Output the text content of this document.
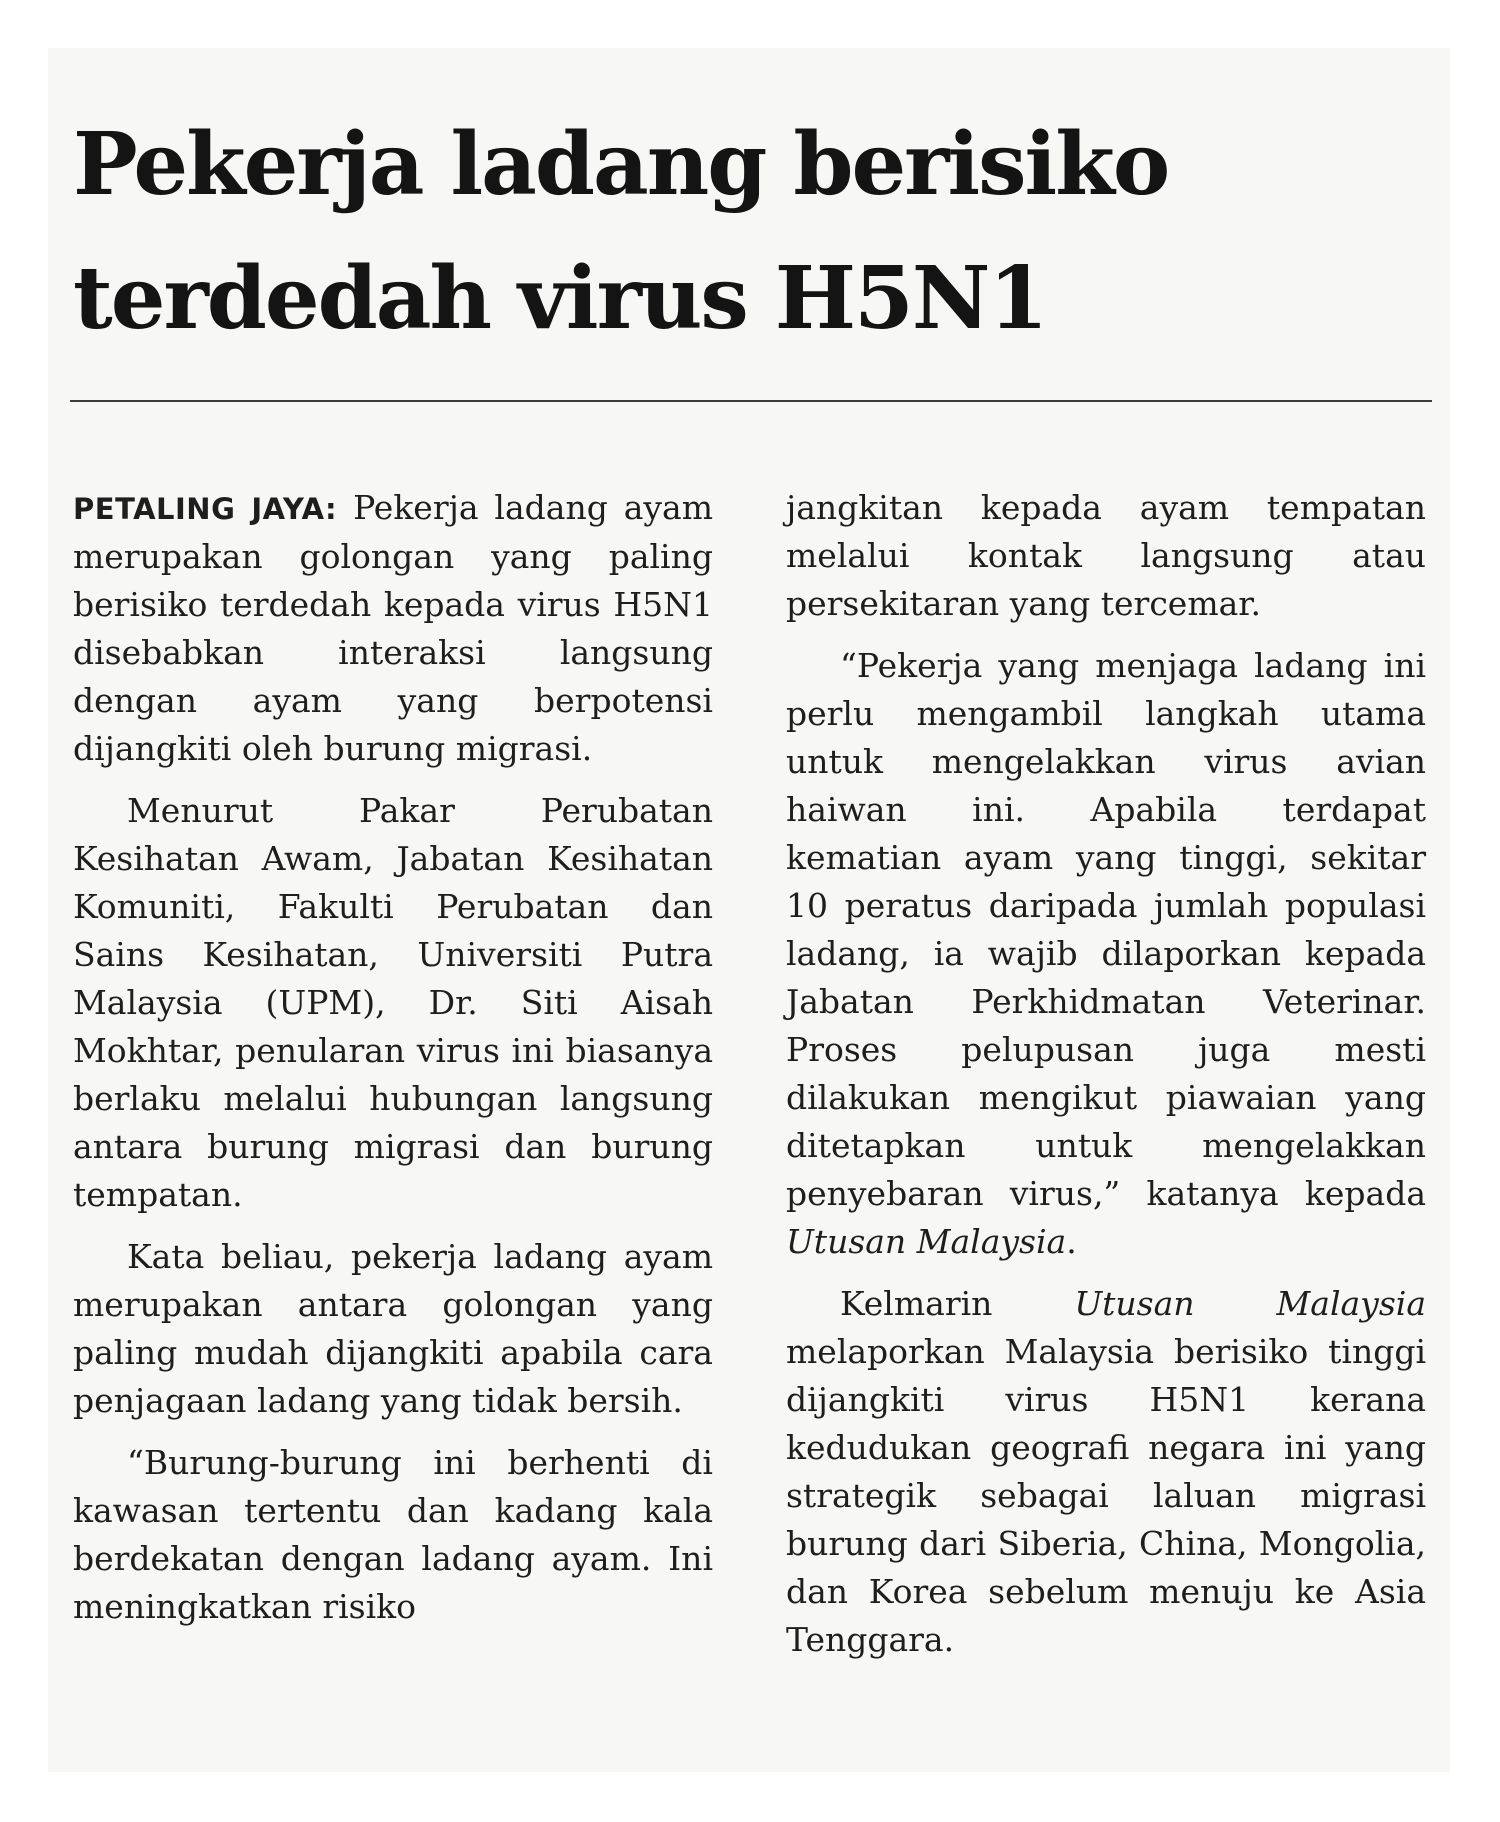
Pekerja ladang berisiko
terdedah virus H5N1

PETALING JAYA: Pekerja ladang ayam merupakan golongan yang paling berisiko terdedah kepada virus H5N1 disebabkan interaksi langsung dengan ayam yang berpotensi dijangkiti oleh burung migrasi.

Menurut Pakar Perubatan Kesihatan Awam, Jabatan Kesihatan Komuniti, Fakulti Perubatan dan Sains Kesihatan, Universiti Putra Malaysia (UPM), Dr. Siti Aisah Mokhtar, penularan virus ini biasanya berlaku melalui hubungan langsung antara burung migrasi dan burung tempatan.

Kata beliau, pekerja ladang ayam merupakan antara golongan yang paling mudah dijangkiti apabila cara penjagaan ladang yang tidak bersih.

“Burung-burung ini berhenti di kawasan tertentu dan kadang kala berdekatan dengan ladang ayam. Ini meningkatkan risiko

jangkitan kepada ayam tempatan melalui kontak langsung atau persekitaran yang tercemar.

“Pekerja yang menjaga ladang ini perlu mengambil langkah utama untuk mengelakkan virus avian haiwan ini. Apabila terdapat kematian ayam yang tinggi, sekitar 10 peratus daripada jumlah populasi ladang, ia wajib dilaporkan kepada Jabatan Perkhidmatan Veterinar. Proses pelupusan juga mesti dilakukan mengikut piawaian yang ditetapkan untuk mengelakkan penyebaran virus,” katanya kepada Utusan Malaysia.

Kelmarin Utusan Malaysia melaporkan Malaysia berisiko tinggi dijangkiti virus H5N1 kerana kedudukan geografi negara ini yang strategik sebagai laluan migrasi burung dari Siberia, China, Mongolia, dan Korea sebelum menuju ke Asia Tenggara.
